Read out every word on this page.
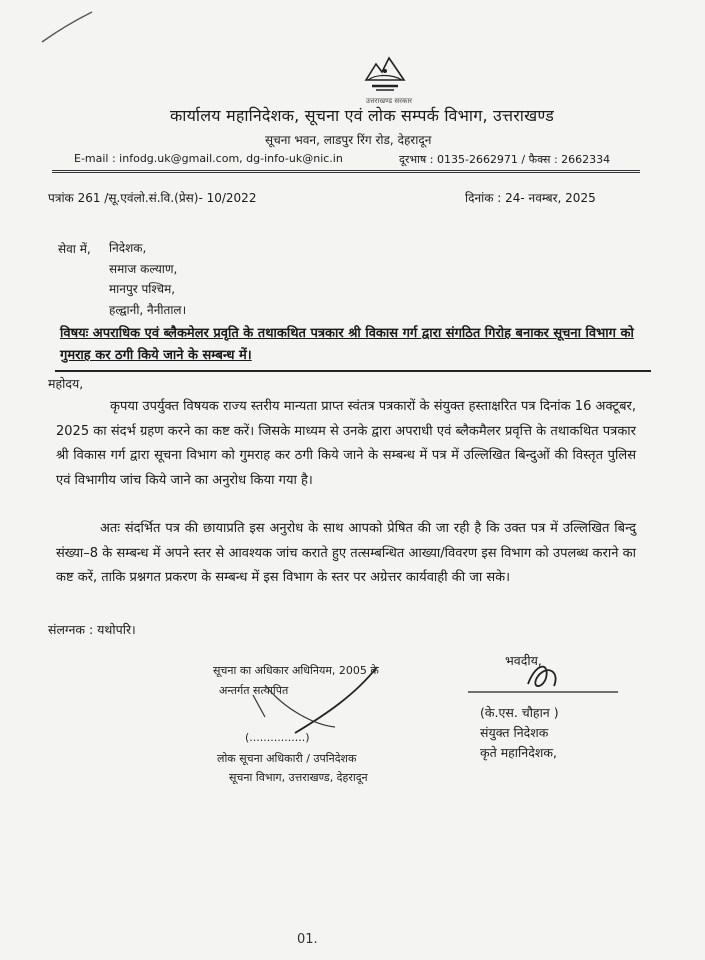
उत्तराखण्ड सरकार
कार्यालय महानिदेशक, सूचना एवं लोक सम्पर्क विभाग, उत्तराखण्ड
सूचना भवन, लाडपुर रिंग रोड, देहरादून
E-mail : infodg.uk@gmail.com, dg-info-uk@nic.in	दूरभाष : 0135-2662971 / फैक्स : 2662334
पत्रांक 261 /सू.एवंलो.सं.वि.(प्रेस)- 10/2022	दिनांक : 24- नवम्बर, 2025
सेवा में, निदेशक,
समाज कल्याण,
मानपुर पश्चिम,
हल्द्वानी, नैनीताल।
विषयः अपराधिक एवं ब्लैकमेलर प्रवृति के तथाकथित पत्रकार श्री विकास गर्ग द्वारा संगठित गिरोह बनाकर सूचना विभाग को गुमराह कर ठगी किये जाने के सम्बन्ध में।
महोदय,
कृपया उपर्युक्त विषयक राज्य स्तरीय मान्यता प्राप्त स्वंतत्र पत्रकारों के संयुक्त हस्ताक्षरित पत्र दिनांक 16 अक्टूबर, 2025 का संदर्भ ग्रहण करने का कष्ट करें। जिसके माध्यम से उनके द्वारा अपराधी एवं ब्लैकमैलर प्रवृत्ति के तथाकथित पत्रकार श्री विकास गर्ग द्वारा सूचना विभाग को गुमराह कर ठगी किये जाने के सम्बन्ध में पत्र में उल्लिखित बिन्दुओं की विस्तृत पुलिस एवं विभागीय जांच किये जाने का अनुरोध किया गया है।
अतः संदर्भित पत्र की छायाप्रति इस अनुरोध के साथ आपको प्रेषित की जा रही है कि उक्त पत्र में उल्लिखित बिन्दु संख्या–8 के सम्बन्ध में अपने स्तर से आवश्यक जांच कराते हुए तत्सम्बन्धित आख्या/विवरण इस विभाग को उपलब्ध कराने का कष्ट करें, ताकि प्रश्नगत प्रकरण के सम्बन्ध में इस विभाग के स्तर पर अग्रेत्तर कार्यवाही की जा सके।
संलग्नक : यथोपरि।
सूचना का अधिकार अधिनियम, 2005 के
अन्तर्गत सत्यापित
(................)
लोक सूचना अधिकारी / उपनिदेशक
सूचना विभाग, उत्तराखण्ड, देहरादून
भवदीय,
(के.एस. चौहान )
संयुक्त निदेशक
कृते महानिदेशक,
01.
